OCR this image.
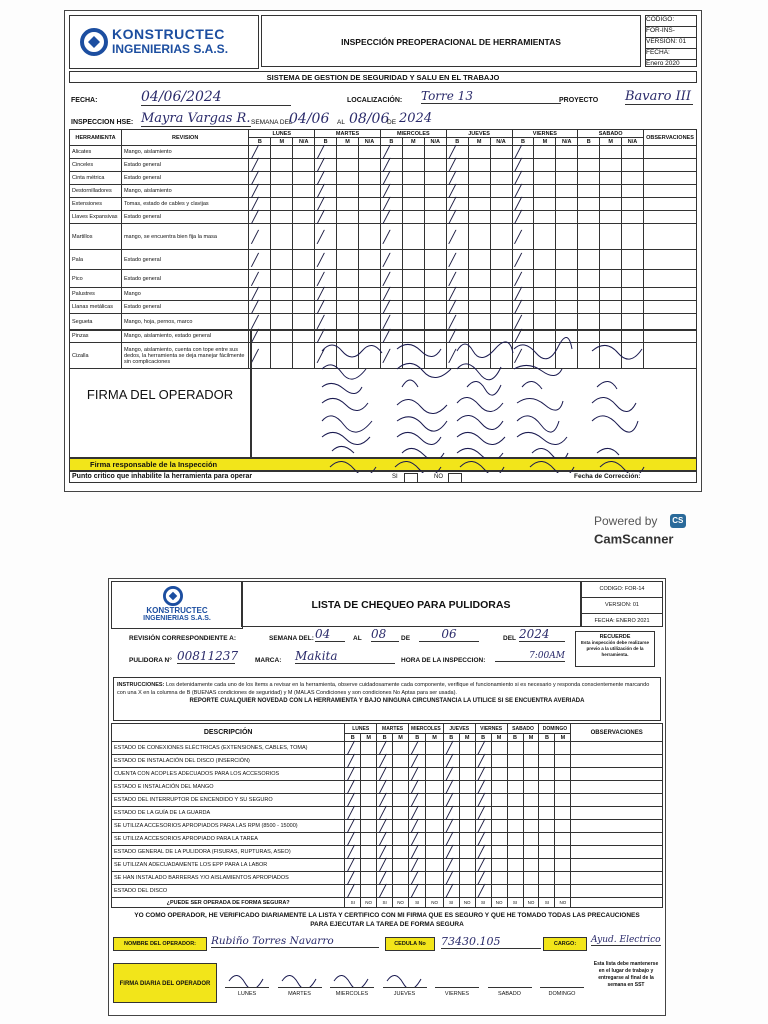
KONSTRUCTEC
INGENIERIAS S.A.S.	INSPECCIÓN PREOPERACIONAL DE HERRAMIENTAS
CÓDIGO:
FOR-INS-
VERSIÓN: 01
FECHA:
Enero 2020
SISTEMA DE GESTION DE SEGURIDAD Y SALU EN EL TRABAJO
FECHA:	04/06/2024	LOCALIZACIÓN: Torre 13	PROYECTO Bavaro III
INSPECCION HSE: Mayra Vargas R. SEMANA DEL
04/06 AL 08/06
DE 2024
HERRAMIENTA	REVISION	LUNES			MARTES			MIERCOLES			JUEVES			VIERNES			SABADO			OBSERVACIONES
		B	M	N/A	B	M	N/A	B	M	N/A	B	M	N/A	B	M	N/A	B	M	N/A	
Alicates	Mango, aislamiento	╱			╱			╱			╱			╱						
Cinceles	Estado general	╱			╱			╱			╱			╱						
Cinta métrica	Estado general	╱			╱			╱			╱			╱						
Destornilladores	Mango, aislamiento	╱			╱			╱			╱			╱						
Extensiones	Tomas, estado de cables y clavijas	╱			╱			╱			╱			╱						
Llaves Expansivas	Estado general	╱			╱			╱			╱			╱						
Martillos	mango, se encuentra bien fija la masa	╱			╱			╱			╱			╱						
Pala	Estado general	╱			╱			╱			╱			╱						
Pico	Estado general	╱			╱			╱			╱			╱						
Palustres	Mango	╱			╱			╱			╱			╱						
Llanas metálicas	Estado general	╱			╱			╱			╱			╱						
Segueta	Mango, hoja, pernos, marco	╱			╱			╱			╱			╱						
Pinzas	Mango, aislamiento, estado general	╱			╱			╱			╱			╱						
Cizalla	Mango, aislamiento, cuenta con tope entre sus dedos, la herramienta se deja manejar fácilmente sin complicaciones	╱			╱			╱			╱			╱						
FIRMA DEL OPERADOR
Firma responsable de la Inspección
Punto critico que inhabilite la herramienta para operar	SI	NO	Fecha de Corrección:
Powered by CS CamScanner
KONSTRUCTEC
INGENIERIAS S.A.S.
LISTA DE CHEQUEO PARA PULIDORAS
CODIGO: FOR-14
VERSION: 01
FECHA: ENERO 2021
REVISIÓN CORRESPONDIENTE A:	SEMANA DEL: 04	AL 08	DE	06	DEL 2024	RECUERDE
Esta inspección debe realizarse previo a la utilización de la herramienta.
PULIDORA N° 00811237	MARCA: Makita	HORA DE LA INSPECCION:	7:00AM
INSTRUCCIONES: Los detenidamente cada uno de los ítems a revisar en la herramienta, observe cuidadosamente cada componente, verifique el funcionamiento si es necesario y responda conscientemente marcando con una X en la columna de B (BUENAS condiciones de seguridad) y M (MALAS Condiciones y son condiciones No Aptas para ser usada).
REPORTE CUALQUIER NOVEDAD CON LA HERRAMIENTA Y BAJO NINGUNA CIRCUNSTANCIA LA UTILICE SI SE ENCUENTRA AVERIADA
DESCRIPCIÓN	LUNES		MARTES		MIERCOLES		JUEVES		VIERNES		SABADO		DOMINGO		OBSERVACIONES
	B	M	B	M	B	M	B	M	B	M	B	M	B	M	
ESTADO DE CONEXIONES ELÉCTRICAS (EXTENSIONES, CABLES, TOMA)	╱		╱		╱		╱		╱						
ESTADO DE INSTALACIÓN DEL DISCO (INSERCIÓN)	╱		╱		╱		╱		╱						
CUENTA CON ACOPLES ADECUADOS PARA LOS ACCESORIOS	╱		╱		╱		╱		╱						
ESTADO E INSTALACIÓN DEL MANGO	╱		╱		╱		╱		╱						
ESTADO DEL INTERRUPTOR DE ENCENDIDO Y SU SEGURO	╱		╱		╱		╱		╱						
ESTADO DE LA GUÍA DE LA GUARDA	╱		╱		╱		╱		╱						
SE UTILIZA ACCESORIOS APROPIADOS PARA LAS RPM (8500 - 15000)	╱		╱		╱		╱		╱						
SE UTILIZA ACCESORIOS APROPIADO PARA LA TAREA	╱		╱		╱		╱		╱						
ESTADO GENERAL DE LA PULIDORA (FISURAS, RUPTURAS, ASEO)	╱		╱		╱		╱		╱						
SE UTILIZAN ADECUADAMENTE LOS EPP PARA LA LABOR	╱		╱		╱		╱		╱						
SE HAN INSTALADO BARRERAS Y/O AISLAMIENTOS APROPIADOS	╱		╱		╱		╱		╱						
ESTADO DEL DISCO	╱		╱		╱		╱		╱						
¿PUEDE SER OPERADA DE FORMA SEGURA?	SI	NO	SI	NO	SI	NO	SI	NO	SI	NO	SI	NO	SI	NO	
YO COMO OPERADOR, HE VERIFICADO DIARIAMENTE LA LISTA Y CERTIFICO CON MI FIRMA QUE ES SEGURO Y QUE HE TOMADO TODAS LAS PRECAUCIONES PARA EJECUTAR LA TAREA DE FORMA SEGURA
NOMBRE DEL OPERADOR:	Rubiño Torres Navarro	CEDULA No	73430.105	CARGO:	Ayud. Electrico
FIRMA DIARIA DEL OPERADOR
LUNES	MARTES	MIERCOLES	JUEVES	VIERNES	SABADO	DOMINGO
Esta lista debe mantenerse en el lugar de trabajo y entregarse al final de la semana en SST
